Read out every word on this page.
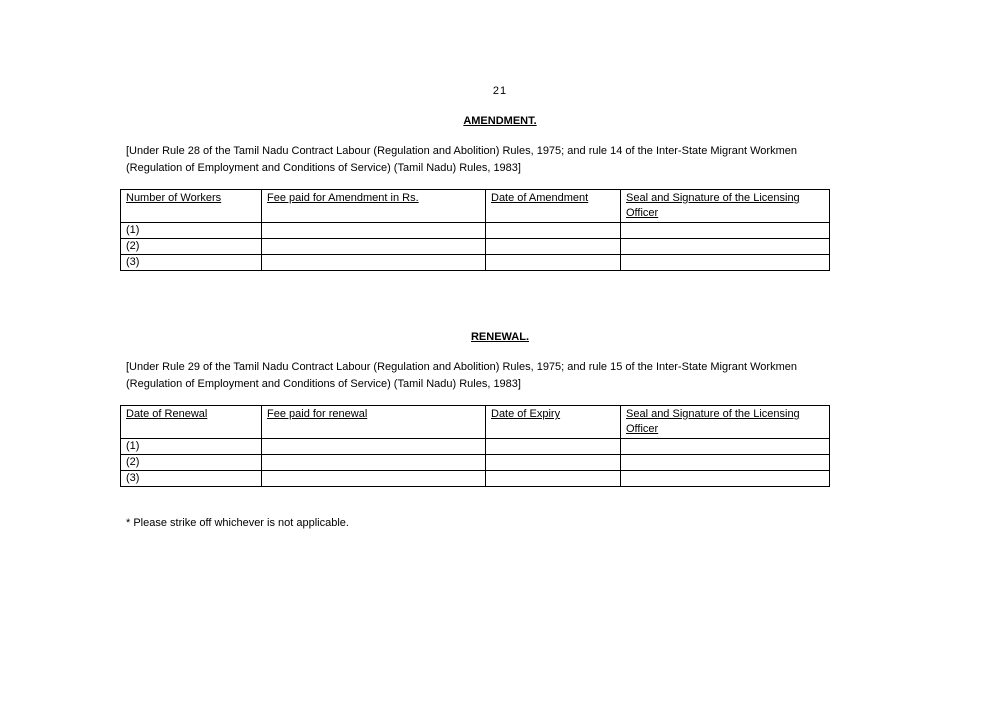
21
AMENDMENT.
[Under Rule 28 of the Tamil Nadu Contract Labour (Regulation and Abolition) Rules, 1975; and rule 14 of the Inter-State Migrant Workmen
(Regulation of Employment and Conditions of Service) (Tamil Nadu) Rules, 1983]
Number of Workers	Fee paid for Amendment in Rs.	Date of Amendment	Seal and Signature of the Licensing Officer
(1)			
(2)			
(3)			
RENEWAL.
[Under Rule 29 of the Tamil Nadu Contract Labour (Regulation and Abolition) Rules, 1975; and rule 15 of the Inter-State Migrant Workmen
(Regulation of Employment and Conditions of Service) (Tamil Nadu) Rules, 1983]
Date of Renewal	Fee paid for renewal	Date of Expiry	Seal and Signature of the Licensing Officer
(1)			
(2)			
(3)			
* Please strike off whichever is not applicable.
